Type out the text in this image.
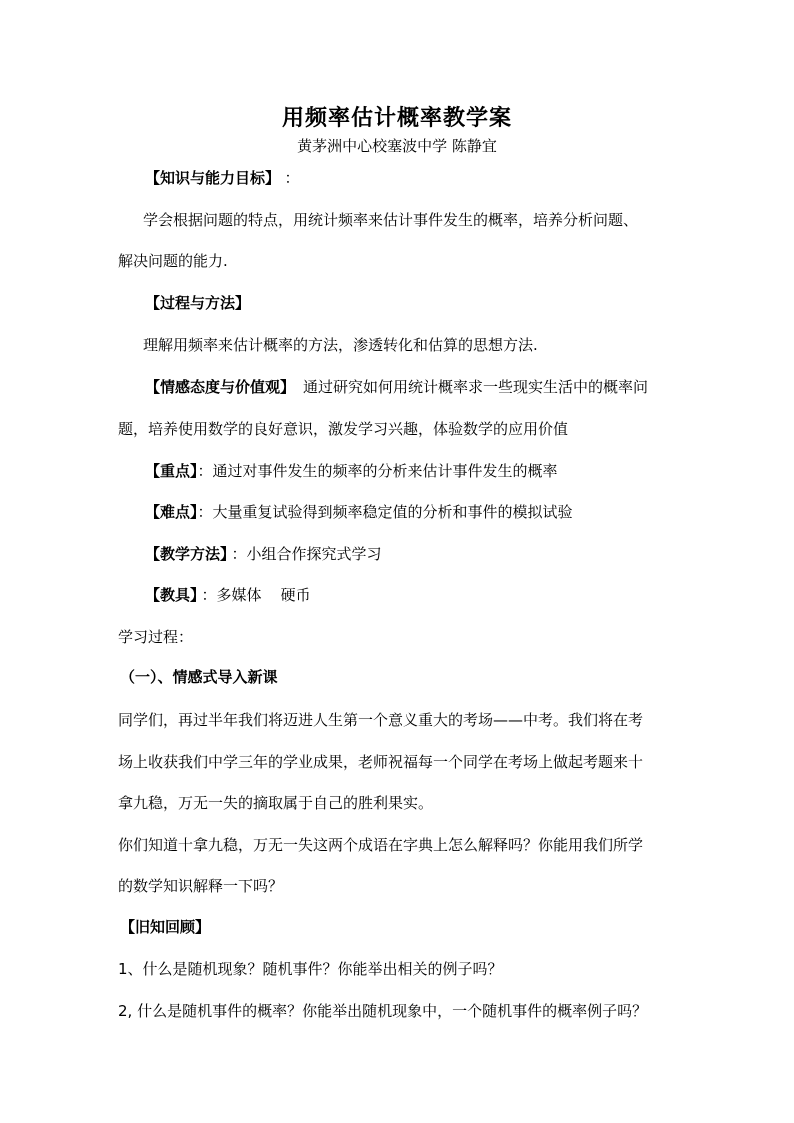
用频率估计概率教学案
黄茅洲中心校塞波中学 陈静宜
【知识与能力目标】 ：
学会根据问题的特点，用统计频率来估计事件发生的概率，培养分析问题、
解决问题的能力.
【过程与方法】
理解用频率来估计概率的方法，渗透转化和估算的思想方法.
【情感态度与价值观】 通过研究如何用统计概率求一些现实生活中的概率问
题，培养使用数学的良好意识，激发学习兴趣，体验数学的应用价值
【重点】：通过对事件发生的频率的分析来估计事件发生的概率
【难点】：大量重复试验得到频率稳定值的分析和事件的模拟试验
【教学方法】 ：小组合作探究式学习
【教具】 ：多媒体    硬币
学习过程：
（一）、情感式导入新课
同学们，再过半年我们将迈进人生第一个意义重大的考场——中考。我们将在考
场上收获我们中学三年的学业成果，老师祝福每一个同学在考场上做起考题来十
拿九稳，万无一失的摘取属于自己的胜利果实。
你们知道十拿九稳，万无一失这两个成语在字典上怎么解释吗？你能用我们所学
的数学知识解释一下吗？
【旧知回顾】
1、什么是随机现象？随机事件？你能举出相关的例子吗？
2, 什么是随机事件的概率？你能举出随机现象中，一个随机事件的概率例子吗？
